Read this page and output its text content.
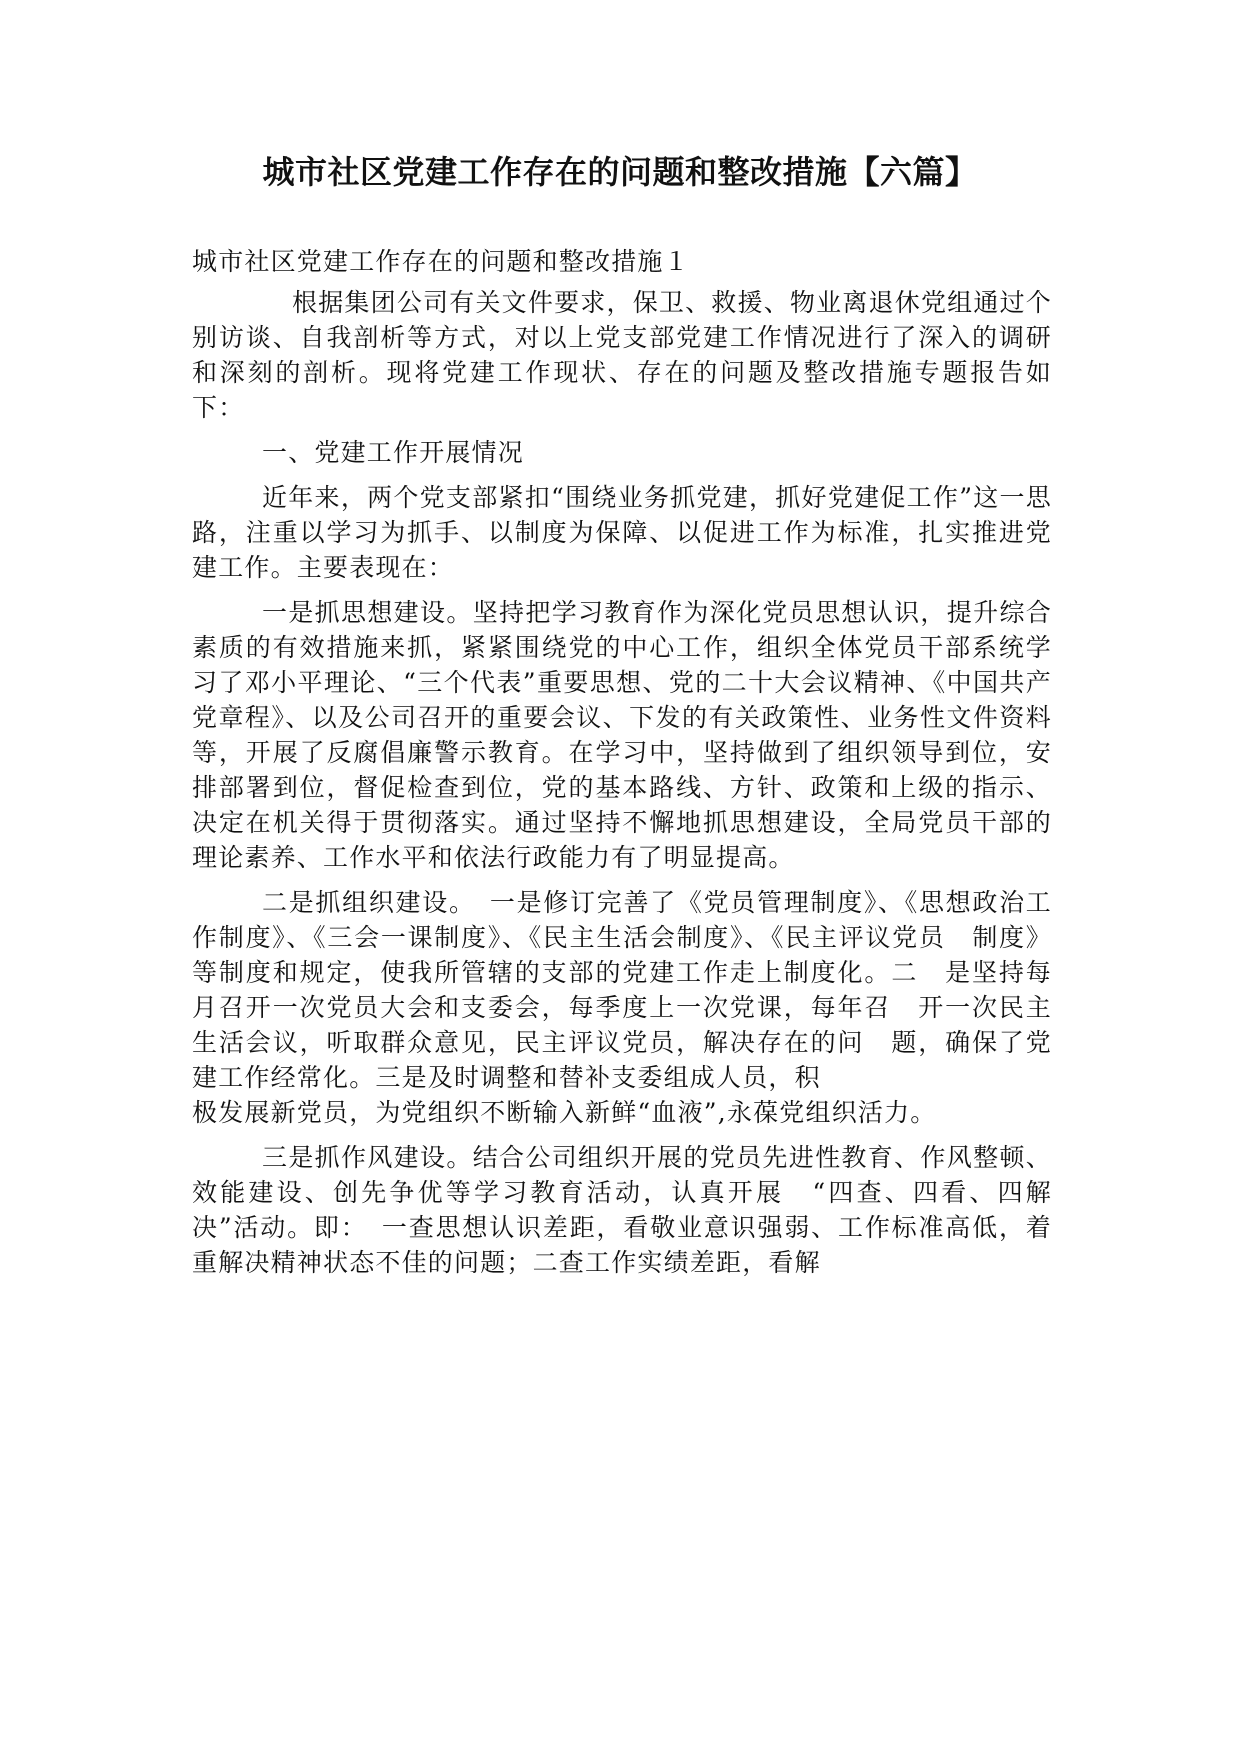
城市社区党建工作存在的问题和整改措施【六篇】

城市社区党建工作存在的问题和整改措施１

根据集团公司有关文件要求，保卫、救援、物业离退休党组通过个别访谈、自我剖析等方式，对以上党支部党建工作情况进行了深入的调研和深刻的剖析。现将党建工作现状、存在的问题及整改措施专题报告如下：

一、党建工作开展情况

近年来，两个党支部紧扣“围绕业务抓党建，抓好党建促工作”这一思路，注重以学习为抓手、以制度为保障、以促进工作为标准，扎实推进党建工作。主要表现在：

一是抓思想建设。坚持把学习教育作为深化党员思想认识，提升综合素质的有效措施来抓，紧紧围绕党的中心工作，组织全体党员干部系统学习了邓小平理论、“三个代表”重要思想、党的二十大会议精神、《中国共产党章程》、以及公司召开的重要会议、下发的有关政策性、业务性文件资料等，开展了反腐倡廉警示教育。在学习中，坚持做到了组织领导到位，安排部署到位，督促检查到位，党的基本路线、方针、政策和上级的指示、决定在机关得于贯彻落实。通过坚持不懈地抓思想建设，全局党员干部的理论素养、工作水平和依法行政能力有了明显提高。

二是抓组织建设。　一是修订完善了《党员管理制度》、《思想政治工作制度》、《三会一课制度》、《民主生活会制度》、《民主评议党员　制度》等制度和规定，使我所管辖的支部的党建工作走上制度化。二　是坚持每月召开一次党员大会和支委会，每季度上一次党课，每年召　开一次民主生活会议，听取群众意见，民主评议党员，解决存在的问　题，确保了党建工作经常化。三是及时调整和替补支委组成人员，积

极发展新党员，为党组织不断输入新鲜“血液”,永葆党组织活力。

三是抓作风建设。结合公司组织开展的党员先进性教育、作风整顿、效能建设、创先争优等学习教育活动，认真开展　“四查、四看、四解决”活动。即：　一查思想认识差距，看敬业意识强弱、工作标准高低，着重解决精神状态不佳的问题；二查工作实绩差距，看解
